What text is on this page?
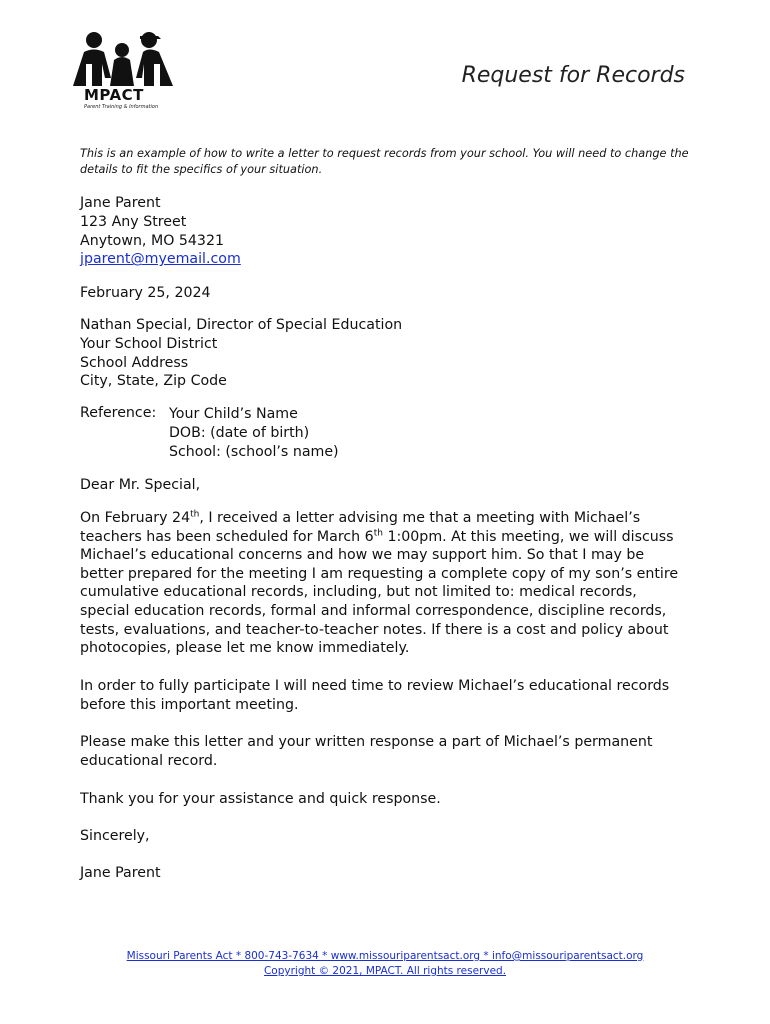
MPACT
Parent Training & Information
Request for Records
This is an example of how to write a letter to request records from your school. You will need to change the details to fit the specifics of your situation.
Jane Parent
123 Any Street
Anytown, MO 54321
jparent@myemail.com
February 25, 2024
Nathan Special, Director of Special Education
Your School District
School Address
City, State, Zip Code
Reference: Your Child’s Name
DOB: (date of birth)
School: (school’s name)
Dear Mr. Special,
On February 24th, I received a letter advising me that a meeting with Michael’s teachers has been scheduled for March 6th 1:00pm. At this meeting, we will discuss Michael’s educational concerns and how we may support him. So that I may be better prepared for the meeting I am requesting a complete copy of my son’s entire cumulative educational records, including, but not limited to: medical records, special education records, formal and informal correspondence, discipline records, tests, evaluations, and teacher-to-teacher notes. If there is a cost and policy about photocopies, please let me know immediately.
In order to fully participate I will need time to review Michael’s educational records before this important meeting.
Please make this letter and your written response a part of Michael’s permanent educational record.
Thank you for your assistance and quick response.
Sincerely,
Jane Parent
Missouri Parents Act * 800-743-7634 * www.missouriparentsact.org * info@missouriparentsact.org Copyright © 2021, MPACT. All rights reserved.
